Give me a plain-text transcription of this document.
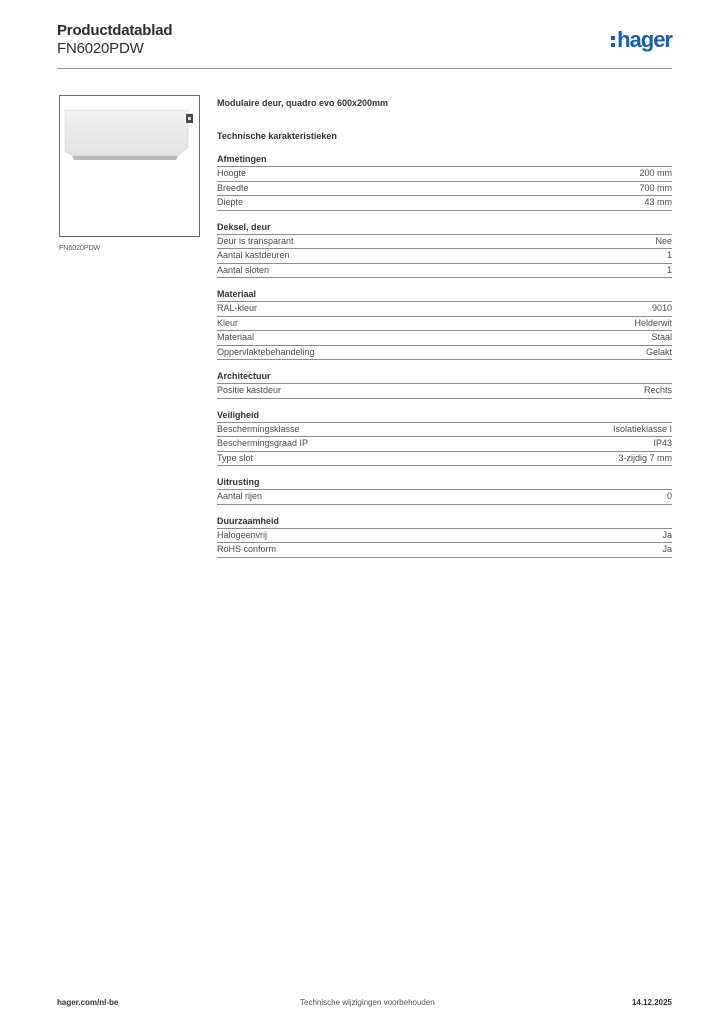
Productdatablad
FN6020PDW	hager
FN6020PDW
Modulaire deur, quadro evo 600x200mm
Technische karakteristieken
Afmetingen
Hoogte	200 mm
Breedte	700 mm
Diepte	43 mm
Deksel, deur
Deur is transparant	Nee
Aantal kastdeuren	1
Aantal sloten	1
Materiaal
RAL-kleur	9010
Kleur	Helderwit
Materiaal	Staal
Oppervlaktebehandeling	Gelakt
Architectuur
Positie kastdeur	Rechts
Veiligheid
Beschermingsklasse	Isolatieklasse I
Beschermingsgraad IP	IP43
Type slot	3-zijdig 7 mm
Uitrusting
Aantal rijen	0
Duurzaamheid
Halogeenvrij	Ja
RoHS conform	Ja
hager.com/nl-be	Technische wijzigingen voorbehouden	14.12.2025
